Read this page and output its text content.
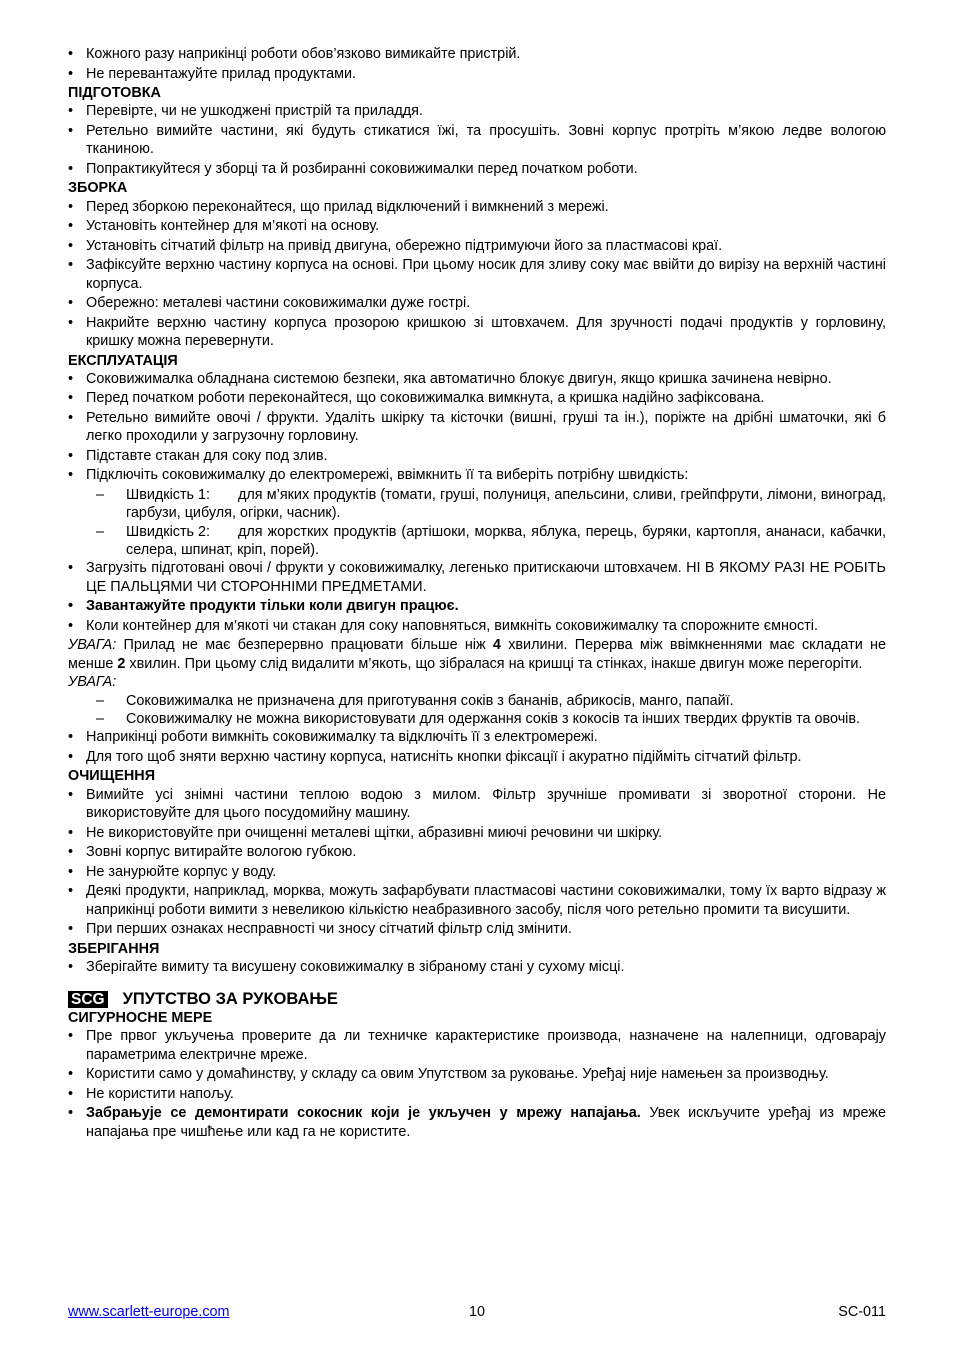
• Кожного разу наприкінці роботи обов’язково вимикайте пристрій.

• Не перевантажуйте прилад продуктами.

ПІДГОТОВКА

• Перевірте, чи не ушкоджені пристрій та приладдя.

• Ретельно вимийте частини, які будуть стикатися їжі, та просушіть. Зовні корпус протріть м’якою ледве вологою тканиною.

• Попрактикуйтеся у зборці та й розбиранні соковижималки перед початком роботи.

ЗБОРКА

• Перед зборкою переконайтеся, що прилад відключений і вимкнений з мережі.

• Установіть контейнер для м’якоті на основу.

• Установіть сітчатий фільтр на привід двигуна, обережно підтримуючи його за пластмасові краї.

• Зафіксуйте верхню частину корпуса на основі. При цьому носик для зливу соку має ввійти до вирізу на верхній частині корпуса.

• Обережно: металеві частини соковижималки дуже гострі.

• Накрийте верхню частину корпуса прозорою кришкою зі штовхачем. Для зручності подачі продуктів у горловину, кришку можна перевернути.

ЕКСПЛУАТАЦІЯ

• Соковижималка обладнана системою безпеки, яка автоматично блокує двигун, якщо кришка зачинена невірно.

• Перед початком роботи переконайтеся, що соковижималка вимкнута, а кришка надійно зафіксована.

• Ретельно вимийте овочі / фрукти. Удаліть шкірку та кісточки (вишні, груші та ін.), поріжте на дрібні шматочки, які б легко проходили у загрузочну горловину.

• Підставте стакан для соку под злив.

• Підключіть соковижималку до електромережі, ввімкнить її та виберіть потрібну швидкість:

– Швидкість 1: для м’яких продуктів (томати, груші, полуниця, апельсини, сливи, грейпфрути, лімони, виноград, гарбузи, цибуля, огірки, часник).

– Швидкість 2: для жорстких продуктів (артішоки, морква, яблука, перець, буряки, картопля, ананаси, кабачки, селера, шпинат, кріп, порей).

• Загрузіть підготовані овочі / фрукти у соковижималку, легенько притискаючи штовхачем. НІ В ЯКОМУ РАЗІ НЕ РОБІТЬ ЦЕ ПАЛЬЦЯМИ ЧИ СТОРОННІМИ ПРЕДМЕТАМИ.

• Завантажуйте продукти тільки коли двигун працює.

• Коли контейнер для м’якоті чи стакан для соку наповняться, вимкніть соковижималку та спорожните ємності.

УВАГА: Прилад не має безперервно працювати більше ніж 4 хвилини. Перерва між ввімкненнями має складати не менше 2 хвилин. При цьому слід видалити м’якоть, що зібралася на кришці та стінках, інакше двигун може перегоріти.

УВАГА:

– Соковижималка не призначена для приготування соків з бананів, абрикосів, манго, папайї.

– Соковижималку не можна використовувати для одержання соків з кокосів та інших твердих фруктів та овочів.

• Наприкінці роботи вимкніть соковижималку та відключіть її з електромережі.

• Для того щоб зняти верхню частину корпуса, натисніть кнопки фіксації і акуратно підійміть сітчатий фільтр.

ОЧИЩЕННЯ

• Вимийте усі знімні частини теплою водою з милом. Фільтр зручніше промивати зі зворотної сторони. Не використовуйте для цього посудомийну машину.

• Не використовуйте при очищенні металеві щітки, абразивні миючі речовини чи шкірку.

• Зовні корпус витирайте вологою губкою.

• Не занурюйте корпус у воду.

• Деякі продукти, наприклад, морква, можуть зафарбувати пластмасові частини соковижималки, тому їх варто відразу ж наприкінці роботи вимити з невеликою кількістю неабразивного засобу, після чого ретельно промити та висушити.

• При перших ознаках несправності чи зносу сітчатий фільтр слід змінити.

ЗБЕРІГАННЯ

• Зберігайте вимиту та висушену соковижималку в зібраному стані у сухому місці.

SCG УПУТСТВО ЗА РУКОВАЊЕ

СИГУРНОСНЕ МЕРЕ

• Пре првог укључења проверите да ли техничке карактеристике производа, назначене на налепници, одговарају параметрима електричне мреже.

• Користити само у домаћинству, у складу са овим Упутством за руковање. Уређај није намењен за производњу.

• Не користити напољу.

• Забрањује се демонтирати сокосник који је укључен у мрежу напајања. Увек искључите уређај из мреже напајања пре чишћење или кад га не користите.

www.scarlett-europe.com	10	SC-011
